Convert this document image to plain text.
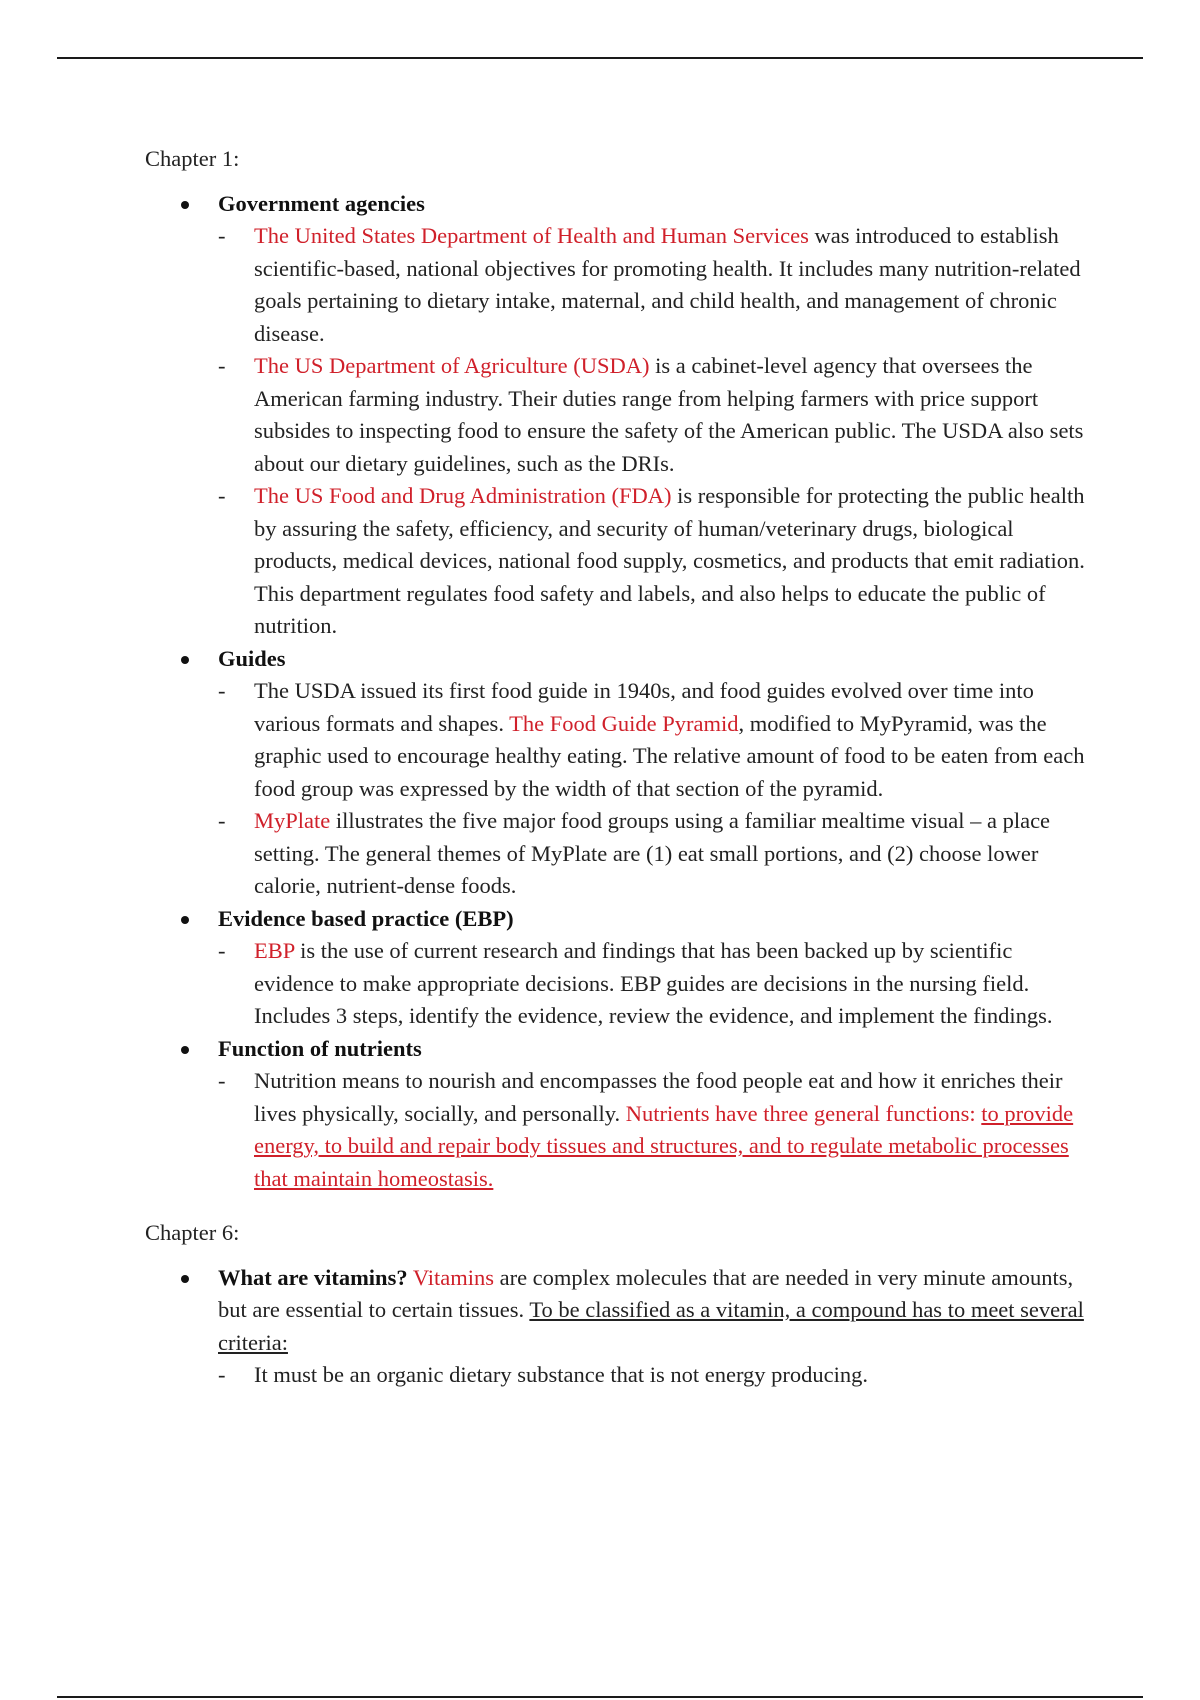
Chapter 1:

Government agencies
- The United States Department of Health and Human Services was introduced to establish scientific-based, national objectives for promoting health. It includes many nutrition-related goals pertaining to dietary intake, maternal, and child health, and management of chronic disease.
- The US Department of Agriculture (USDA) is a cabinet-level agency that oversees the American farming industry. Their duties range from helping farmers with price support subsides to inspecting food to ensure the safety of the American public. The USDA also sets about our dietary guidelines, such as the DRIs.
- The US Food and Drug Administration (FDA) is responsible for protecting the public health by assuring the safety, efficiency, and security of human/veterinary drugs, biological products, medical devices, national food supply, cosmetics, and products that emit radiation. This department regulates food safety and labels, and also helps to educate the public of nutrition.
Guides
- The USDA issued its first food guide in 1940s, and food guides evolved over time into various formats and shapes. The Food Guide Pyramid, modified to MyPyramid, was the graphic used to encourage healthy eating. The relative amount of food to be eaten from each food group was expressed by the width of that section of the pyramid.
- MyPlate illustrates the five major food groups using a familiar mealtime visual – a place setting. The general themes of MyPlate are (1) eat small portions, and (2) choose lower calorie, nutrient-dense foods.
Evidence based practice (EBP)
- EBP is the use of current research and findings that has been backed up by scientific evidence to make appropriate decisions. EBP guides are decisions in the nursing field. Includes 3 steps, identify the evidence, review the evidence, and implement the findings.
Function of nutrients
- Nutrition means to nourish and encompasses the food people eat and how it enriches their lives physically, socially, and personally. Nutrients have three general functions: to provide energy, to build and repair body tissues and structures, and to regulate metabolic processes that maintain homeostasis.

Chapter 6:

What are vitamins? Vitamins are complex molecules that are needed in very minute amounts, but are essential to certain tissues. To be classified as a vitamin, a compound has to meet several criteria:
- It must be an organic dietary substance that is not energy producing.
